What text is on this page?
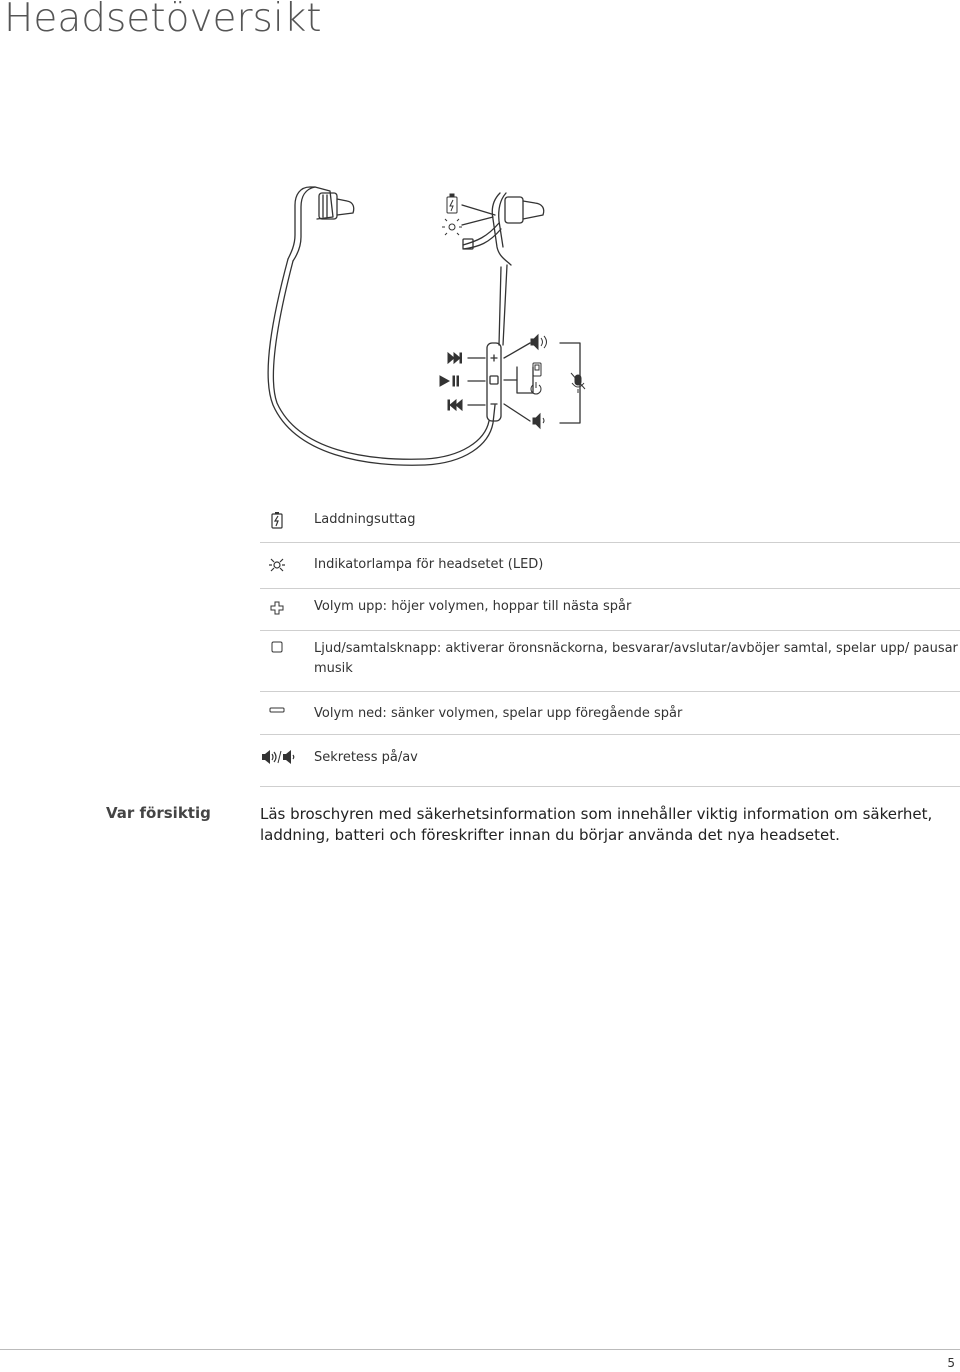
Headsetöversikt
Laddningsuttag
Indikatorlampa för headsetet (LED)
Volym upp: höjer volymen, hoppar till nästa spår
Ljud/samtalsknapp: aktiverar öronsnäckorna, besvarar/avslutar/avböjer samtal, spelar upp/ pausar musik
Volym ned: sänker volymen, spelar upp föregående spår
Sekretess på/av
Var försiktig	Läs broschyren med säkerhetsinformation som innehåller viktig information om säkerhet, laddning, batteri och föreskrifter innan du börjar använda det nya headsetet.
5
